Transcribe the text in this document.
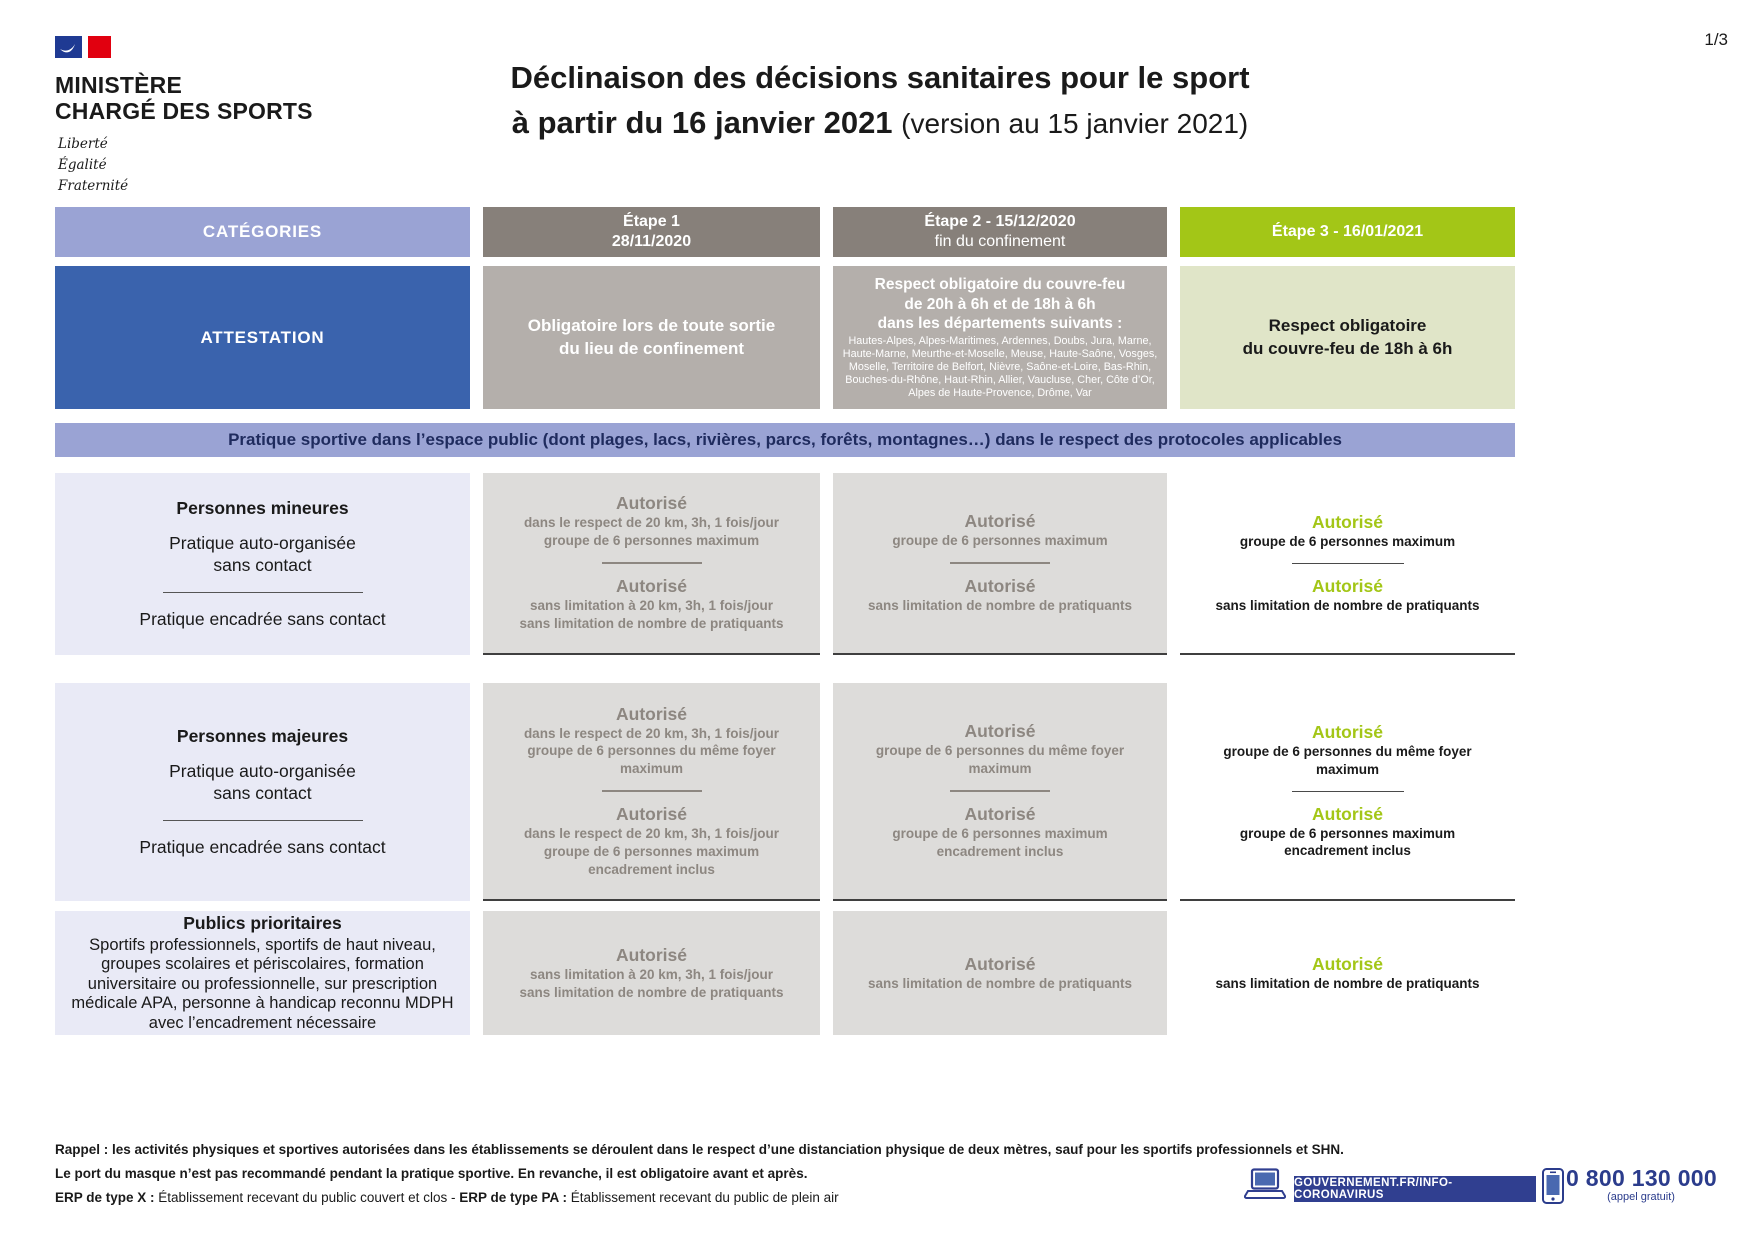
MINISTÈRE
CHARGÉ DES SPORTS
Liberté
Égalité
Fraternité
1/3
Déclinaison des décisions sanitaires pour le sport
à partir du 16 janvier 2021 (version au 15 janvier 2021)
CATÉGORIES
Étape 1
28/11/2020
Étape 2 - 15/12/2020
fin du confinement
Étape 3 - 16/01/2021
ATTESTATION
Obligatoire lors de toute sortie
du lieu de confinement
Respect obligatoire du couvre-feu
de 20h à 6h et de 18h à 6h
dans les départements suivants :
Hautes-Alpes, Alpes-Maritimes, Ardennes, Doubs, Jura, Marne, Haute-Marne, Meurthe-et-Moselle, Meuse, Haute-Saône, Vosges, Moselle, Territoire de Belfort, Nièvre, Saône-et-Loire, Bas-Rhin, Bouches-du-Rhône, Haut-Rhin, Allier, Vaucluse, Cher, Côte d’Or, Alpes de Haute-Provence, Drôme, Var
Respect obligatoire
du couvre-feu de 18h à 6h
Pratique sportive dans l’espace public (dont plages, lacs, rivières, parcs, forêts, montagnes…) dans le respect des protocoles applicables
Personnes mineures
Pratique auto-organisée
sans contact
Pratique encadrée sans contact
Autorisé
dans le respect de 20 km, 3h, 1 fois/jour
groupe de 6 personnes maximum
Autorisé
sans limitation à 20 km, 3h, 1 fois/jour
sans limitation de nombre de pratiquants
Autorisé
groupe de 6 personnes maximum
Autorisé
sans limitation de nombre de pratiquants
Autorisé
groupe de 6 personnes maximum
Autorisé
sans limitation de nombre de pratiquants
Personnes majeures
Pratique auto-organisée
sans contact
Pratique encadrée sans contact
Autorisé
dans le respect de 20 km, 3h, 1 fois/jour
groupe de 6 personnes du même foyer
maximum
Autorisé
dans le respect de 20 km, 3h, 1 fois/jour
groupe de 6 personnes maximum
encadrement inclus
Autorisé
groupe de 6 personnes du même foyer
maximum
Autorisé
groupe de 6 personnes maximum
encadrement inclus
Autorisé
groupe de 6 personnes du même foyer
maximum
Autorisé
groupe de 6 personnes maximum
encadrement inclus
Publics prioritaires
Sportifs professionnels, sportifs de haut niveau, groupes scolaires et périscolaires, formation universitaire ou professionnelle, sur prescription médicale APA, personne à handicap reconnu MDPH avec l’encadrement nécessaire
Autorisé
sans limitation à 20 km, 3h, 1 fois/jour
sans limitation de nombre de pratiquants
Autorisé
sans limitation de nombre de pratiquants
Autorisé
sans limitation de nombre de pratiquants
Rappel : les activités physiques et sportives autorisées dans les établissements se déroulent dans le respect d’une distanciation physique de deux mètres, sauf pour les sportifs professionnels et SHN.
Le port du masque n’est pas recommandé pendant la pratique sportive. En revanche, il est obligatoire avant et après.
ERP de type X : Établissement recevant du public couvert et clos - ERP de type PA : Établissement recevant du public de plein air
GOUVERNEMENT.FR/INFO-CORONAVIRUS
0 800 130 000
(appel gratuit)
